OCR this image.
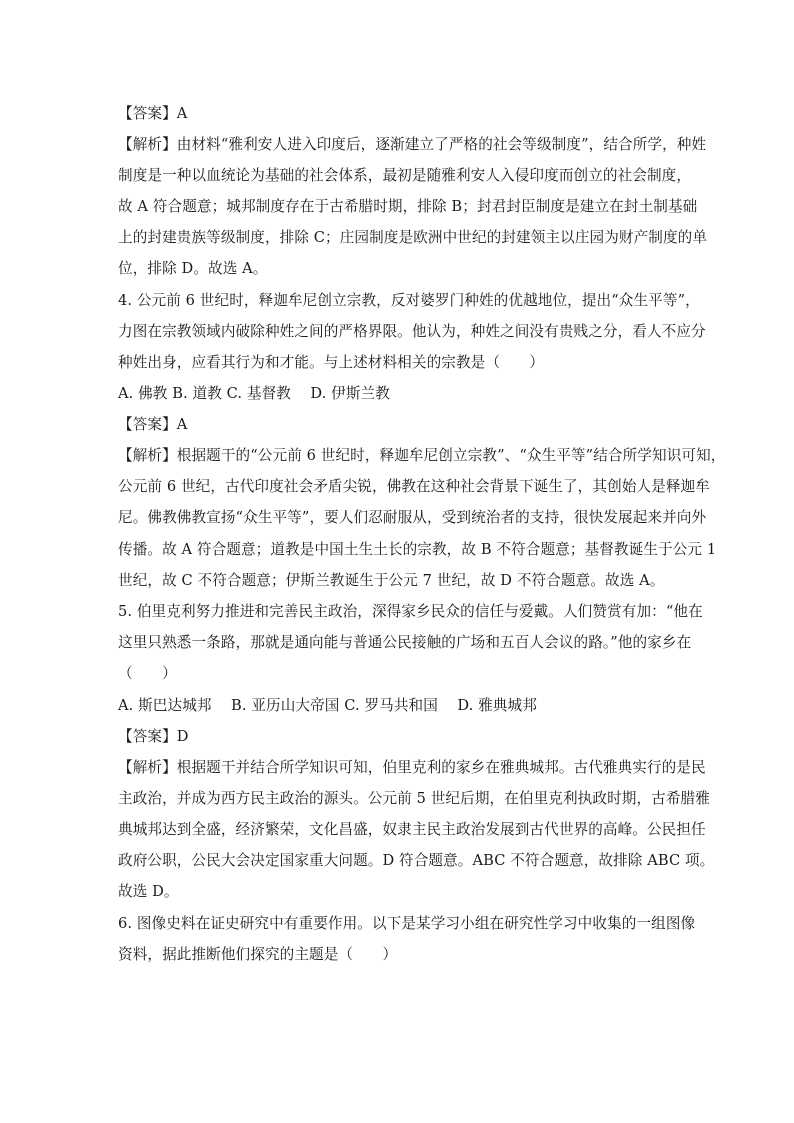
【答案】A
【解析】由材料“雅利安人进入印度后，逐渐建立了严格的社会等级制度”，结合所学，种姓
制度是一种以血统论为基础的社会体系，最初是随雅利安人入侵印度而创立的社会制度，
故 A 符合题意；城邦制度存在于古希腊时期，排除 B；封君封臣制度是建立在封土制基础
上的封建贵族等级制度，排除 C；庄园制度是欧洲中世纪的封建领主以庄园为财产制度的单
位，排除 D。故选 A。
4. 公元前 6 世纪时，释迦牟尼创立宗教，反对婆罗门种姓的优越地位，提出“众生平等”，
力图在宗教领域内破除种姓之间的严格界限。他认为，种姓之间没有贵贱之分，看人不应分
种姓出身，应看其行为和才能。与上述材料相关的宗教是（　　）
A. 佛教 B. 道教 C. 基督教　 D. 伊斯兰教
【答案】A
【解析】根据题干的“公元前 6 世纪时，释迦牟尼创立宗教”、“众生平等”结合所学知识可知，
公元前 6 世纪，古代印度社会矛盾尖锐，佛教在这种社会背景下诞生了，其创始人是释迦牟
尼。佛教佛教宣扬“众生平等”，要人们忍耐服从，受到统治者的支持，很快发展起来并向外
传播。故 A 符合题意；道教是中国土生土长的宗教，故 B 不符合题意；基督教诞生于公元 1
世纪，故 C 不符合题意；伊斯兰教诞生于公元 7 世纪，故 D 不符合题意。故选 A。
5. 伯里克利努力推进和完善民主政治，深得家乡民众的信任与爱戴。人们赞赏有加：“他在
这里只熟悉一条路，那就是通向能与普通公民接触的广场和五百人会议的路。”他的家乡在
（　　）
A. 斯巴达城邦　 B. 亚历山大帝国 C. 罗马共和国　 D. 雅典城邦
【答案】D
【解析】根据题干并结合所学知识可知，伯里克利的家乡在雅典城邦。古代雅典实行的是民
主政治，并成为西方民主政治的源头。公元前 5 世纪后期，在伯里克利执政时期，古希腊雅
典城邦达到全盛，经济繁荣，文化昌盛，奴隶主民主政治发展到古代世界的高峰。公民担任
政府公职，公民大会决定国家重大问题。D 符合题意。ABC 不符合题意，故排除 ABC 项。
故选 D。
6. 图像史料在证史研究中有重要作用。以下是某学习小组在研究性学习中收集的一组图像
资料，据此推断他们探究的主题是（　　）
